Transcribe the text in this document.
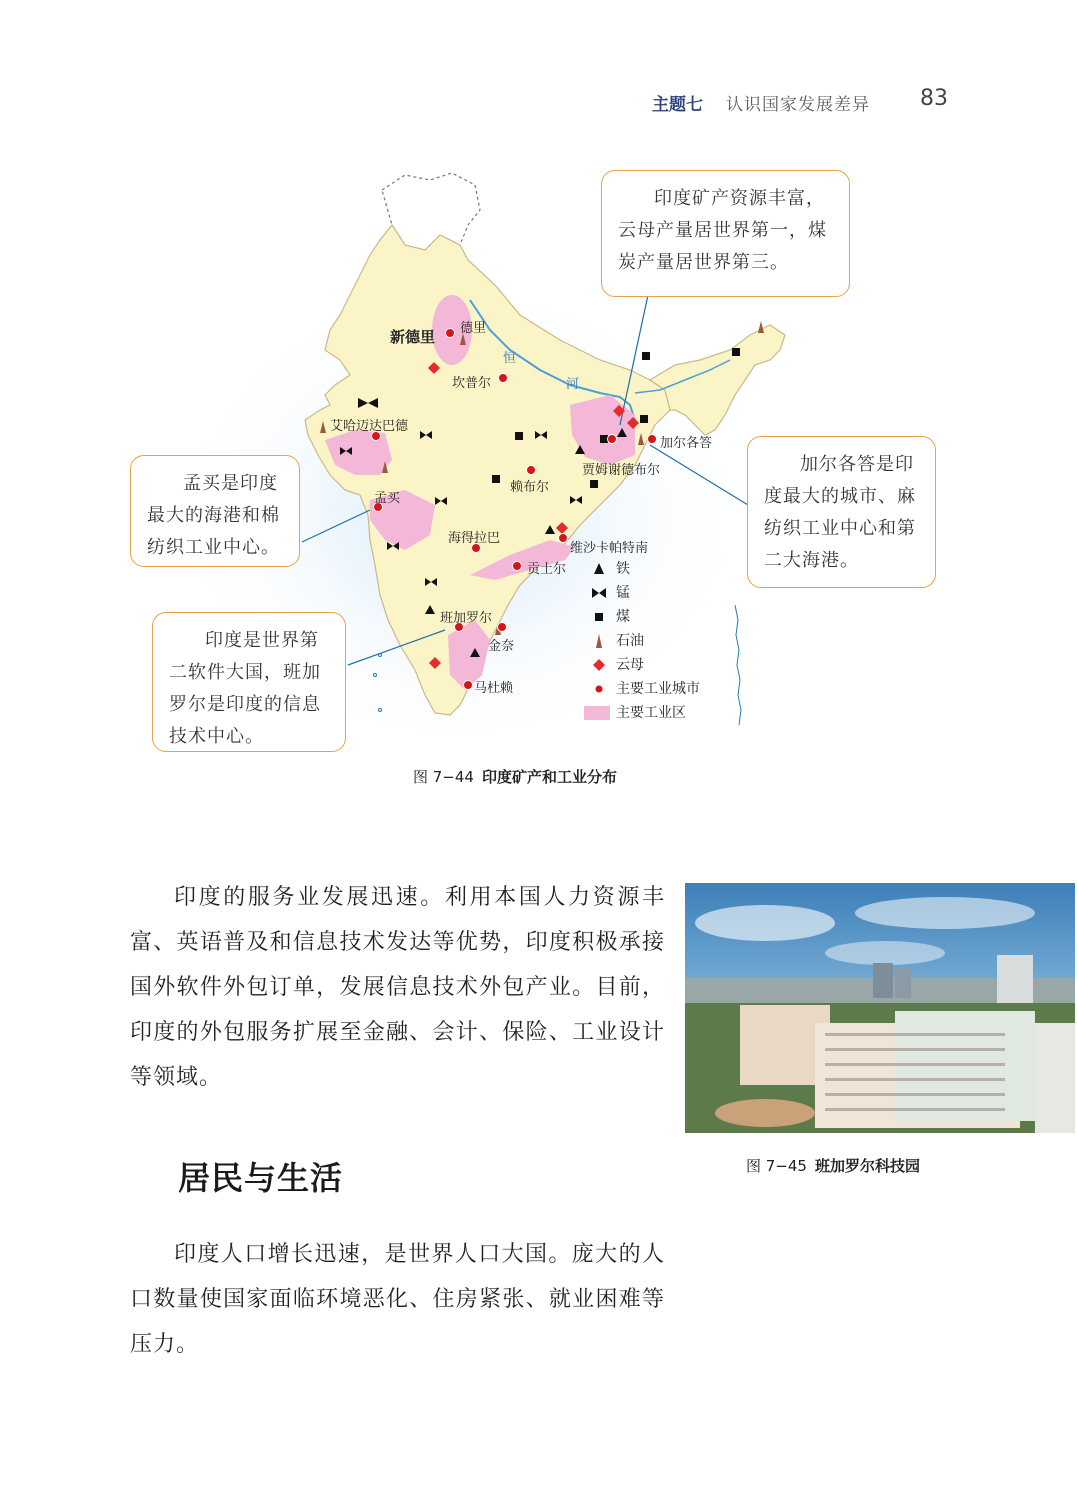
主题七 认识国家发展差异 83
新德里 德里
坎普尔
艾哈迈达巴德
加尔各答
贾姆谢德布尔
赖布尔
孟买
海得拉巴
维沙卡帕特南
贡土尔
班加罗尔
金奈
马杜赖
恒
河
铁
锰
煤
石油
云母
主要工业城市
主要工业区
印度矿产资源丰富，云母产量居世界第一，煤炭产量居世界第三。
孟买是印度最大的海港和棉纺织工业中心。
印度是世界第二软件大国，班加罗尔是印度的信息技术中心。
加尔各答是印度最大的城市、麻纺织工业中心和第二大海港。
图 7−44 印度矿产和工业分布
印度的服务业发展迅速。利用本国人力资源丰富、英语普及和信息技术发达等优势，印度积极承接国外软件外包订单，发展信息技术外包产业。目前，印度的外包服务扩展至金融、会计、保险、工业设计等领域。
图 7−45 班加罗尔科技园
居民与生活
印度人口增长迅速，是世界人口大国。庞大的人口数量使国家面临环境恶化、住房紧张、就业困难等压力。
